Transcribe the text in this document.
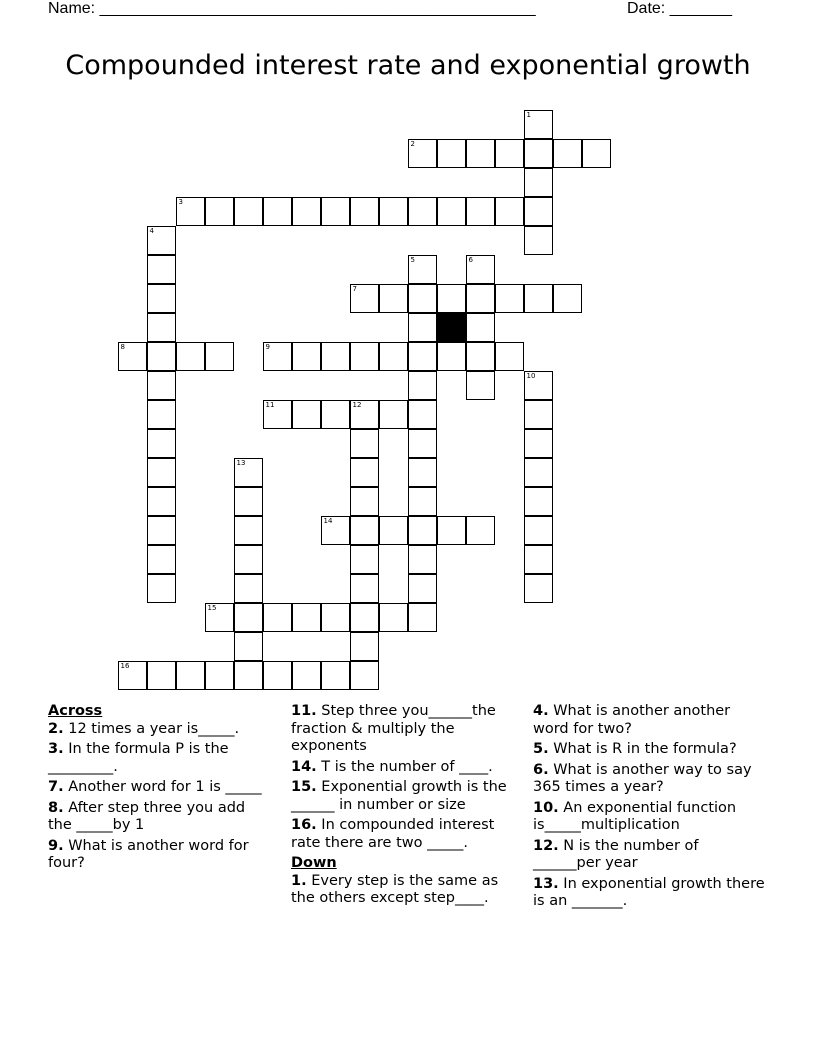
Name: _________________________________________________	Date: _______
Compounded interest rate and exponential growth
1
2
3
4
5	6
7
8	9
10
11	12
13
14
15
16
Across
2. 12 times a year is_____.
3. In the formula P is the _________.
7. Another word for 1 is _____
8. After step three you add the _____by 1
9. What is another word for four?
11. Step three you______the fraction & multiply the exponents
14. T is the number of ____.
15. Exponential growth is the ______ in number or size
16. In compounded interest rate there are two _____.
Down
1. Every step is the same as the others except step____.
4. What is another another word for two?
5. What is R in the formula?
6. What is another way to say 365 times a year?
10. An exponential function is_____multiplication
12. N is the number of ______per year
13. In exponential growth there is an _______.
